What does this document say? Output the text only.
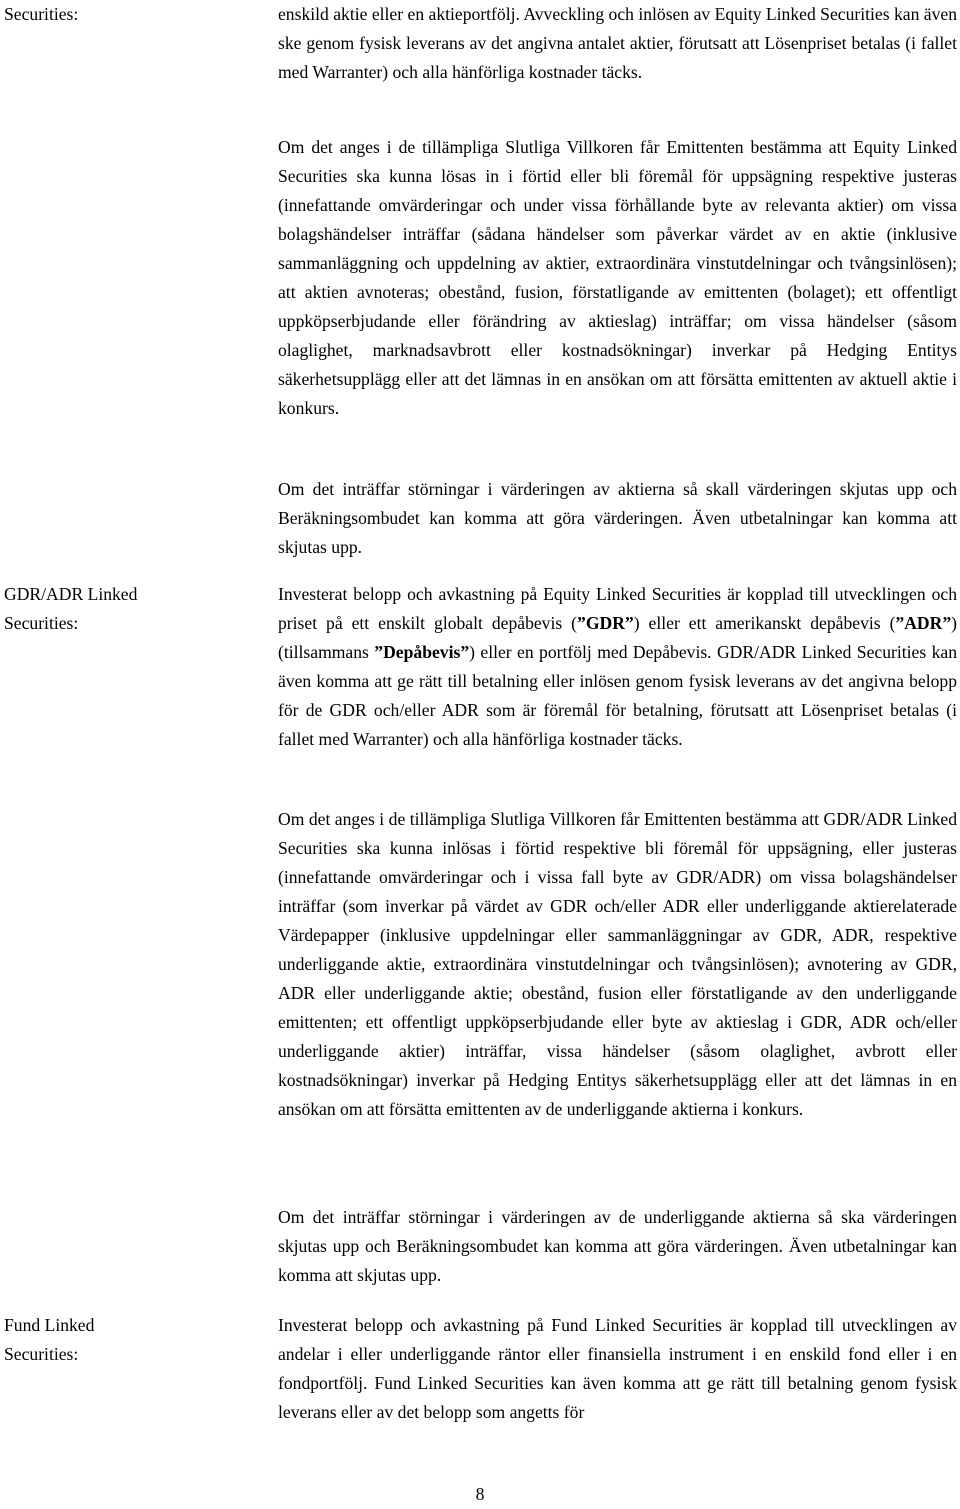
Securities:	enskild aktie eller en aktieportfölj. Avveckling och inlösen av Equity Linked Securities kan även ske genom fysisk leverans av det angivna antalet aktier, förutsatt att Lösenpriset betalas (i fallet med Warranter) och alla hänförliga kostnader täcks.

Om det anges i de tillämpliga Slutliga Villkoren får Emittenten bestämma att Equity Linked Securities ska kunna lösas in i förtid eller bli föremål för uppsägning respektive justeras (innefattande omvärderingar och under vissa förhållande byte av relevanta aktier) om vissa bolagshändelser inträffar (sådana händelser som påverkar värdet av en aktie (inklusive sammanläggning och uppdelning av aktier, extraordinära vinstutdelningar och tvångsinlösen); att aktien avnoteras; obestånd, fusion, förstatligande av emittenten (bolaget); ett offentligt uppköpserbjudande eller förändring av aktieslag) inträffar; om vissa händelser (såsom olaglighet, marknadsavbrott eller kostnadsökningar) inverkar på Hedging Entitys säkerhetsupplägg eller att det lämnas in en ansökan om att försätta emittenten av aktuell aktie i konkurs.

Om det inträffar störningar i värderingen av aktierna så skall värderingen skjutas upp och Beräkningsombudet kan komma att göra värderingen. Även utbetalningar kan komma att skjutas upp.

GDR/ADR Linked
Securities:

Investerat belopp och avkastning på Equity Linked Securities är kopplad till utvecklingen och priset på ett enskilt globalt depåbevis (”GDR”) eller ett amerikanskt depåbevis (”ADR”) (tillsammans ”Depåbevis”) eller en portfölj med Depåbevis. GDR/ADR Linked Securities kan även komma att ge rätt till betalning eller inlösen genom fysisk leverans av det angivna belopp för de GDR och/eller ADR som är föremål för betalning, förutsatt att Lösenpriset betalas (i fallet med Warranter) och alla hänförliga kostnader täcks.

Om det anges i de tillämpliga Slutliga Villkoren får Emittenten bestämma att GDR/ADR Linked Securities ska kunna inlösas i förtid respektive bli föremål för uppsägning, eller justeras (innefattande omvärderingar och i vissa fall byte av GDR/ADR) om vissa bolagshändelser inträffar (som inverkar på värdet av GDR och/eller ADR eller underliggande aktierelaterade Värdepapper (inklusive uppdelningar eller sammanläggningar av GDR, ADR, respektive underliggande aktie, extraordinära vinstutdelningar och tvångsinlösen); avnotering av GDR, ADR eller underliggande aktie; obestånd, fusion eller förstatligande av den underliggande emittenten; ett offentligt uppköpserbjudande eller byte av aktieslag i GDR, ADR och/eller underliggande aktier) inträffar, vissa händelser (såsom olaglighet, avbrott eller kostnadsökningar) inverkar på Hedging Entitys säkerhetsupplägg eller att det lämnas in en ansökan om att försätta emittenten av de underliggande aktierna i konkurs.

Om det inträffar störningar i värderingen av de underliggande aktierna så ska värderingen skjutas upp och Beräkningsombudet kan komma att göra värderingen. Även utbetalningar kan komma att skjutas upp.

Fund Linked
Securities:

Investerat belopp och avkastning på Fund Linked Securities är kopplad till utvecklingen av andelar i eller underliggande räntor eller finansiella instrument i en enskild fond eller i en fondportfölj. Fund Linked Securities kan även komma att ge rätt till betalning genom fysisk leverans eller av det belopp som angetts för

8
